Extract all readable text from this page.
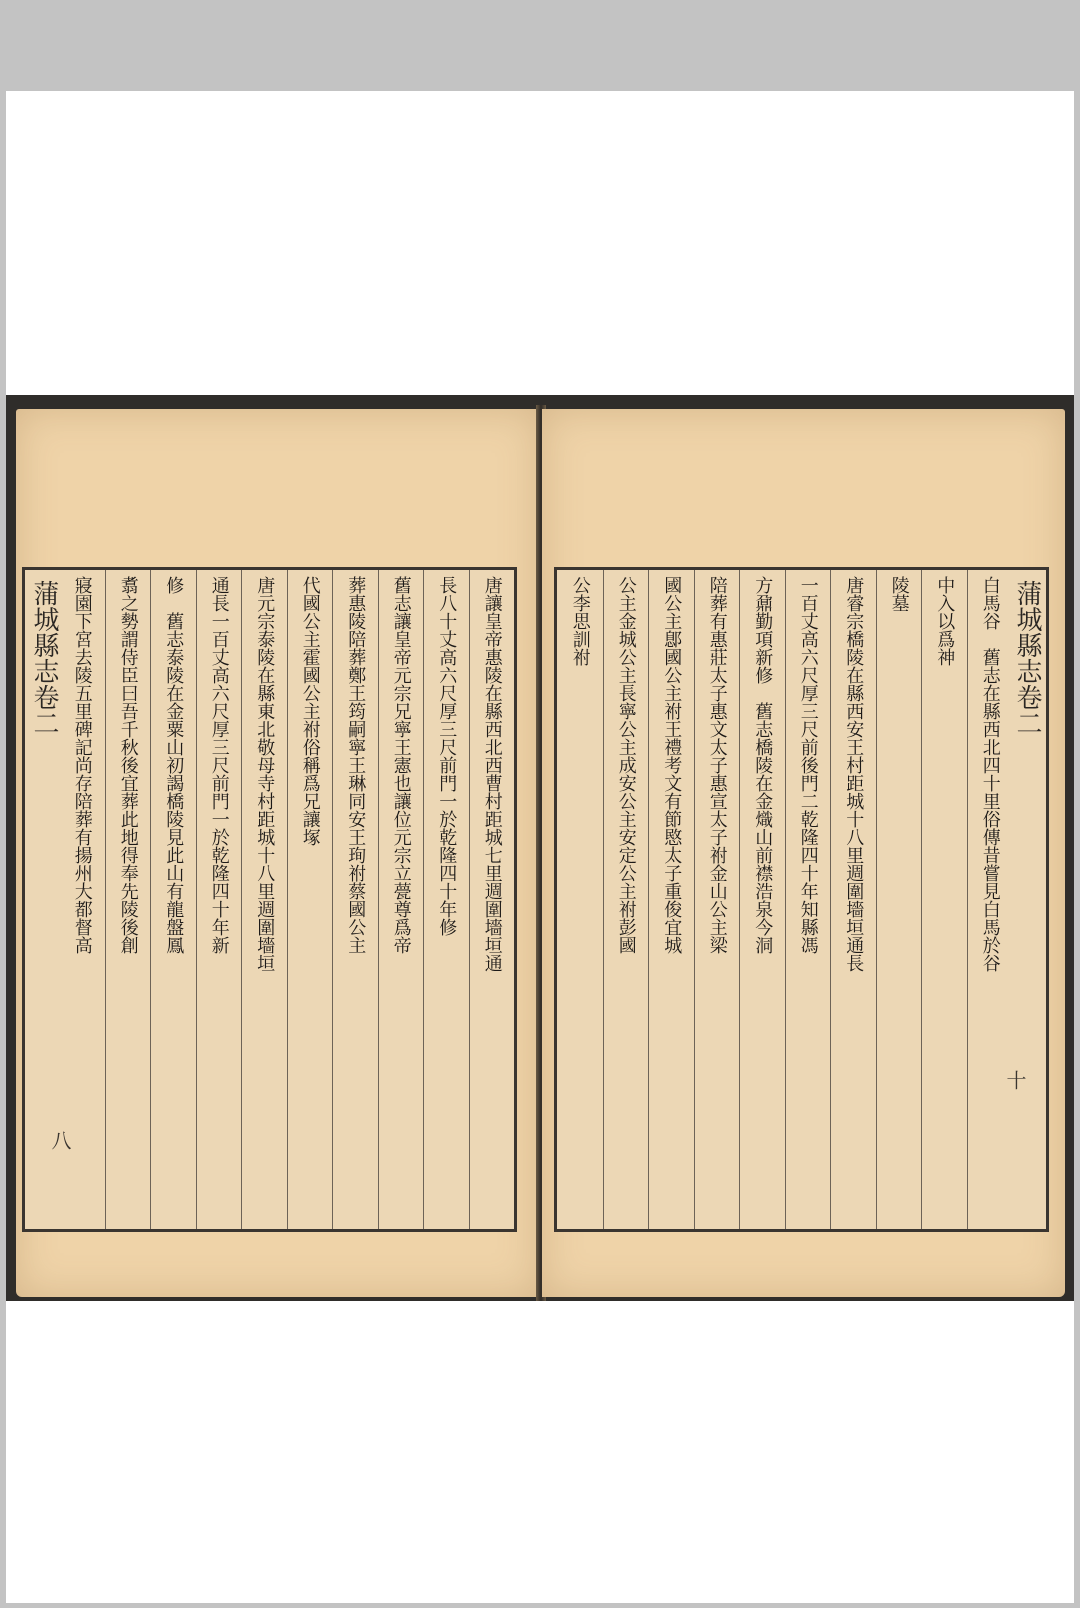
蒲城縣志卷二	唐讓皇帝惠陵在縣西北西曹村距城七里週圍墻垣通
長八十丈高六尺厚三尺前門一於乾隆四十年修
舊志讓皇帝元宗兄寧王憲也讓位元宗立甍尊爲帝
葬惠陵陪葬鄭王筠嗣寧王琳同安王珣祔蔡國公主
代國公主霍國公主祔俗稱爲兄讓塚
唐元宗泰陵在縣東北敬母寺村距城十八里週圍墻垣
通長一百丈高六尺厚三尺前門一於乾隆四十年新
修　舊志泰陵在金粟山初謁橋陵見此山有龍盤鳳
翥之勢謂侍臣曰吾千秋後宜葬此地得奉先陵後創
寢園下宮去陵五里碑記尚存陪葬有揚州大都督高
八
白馬谷　舊志在縣西北四十里俗傳昔嘗見白馬於谷
中入以爲神
陵墓
唐睿宗橋陵在縣西安王村距城十八里週圍墻垣通長
一百丈高六尺厚三尺前後門二乾隆四十年知縣馮
方鼐勤項新修　舊志橋陵在金熾山前襟浩泉今洞
陪葬有惠莊太子惠文太子惠宣太子祔金山公主梁
國公主鄎國公主祔王禮考文有節愍太子重俊宜城
公主金城公主長寧公主成安公主安定公主祔彭國
公李思訓祔	蒲城縣志卷二
十
